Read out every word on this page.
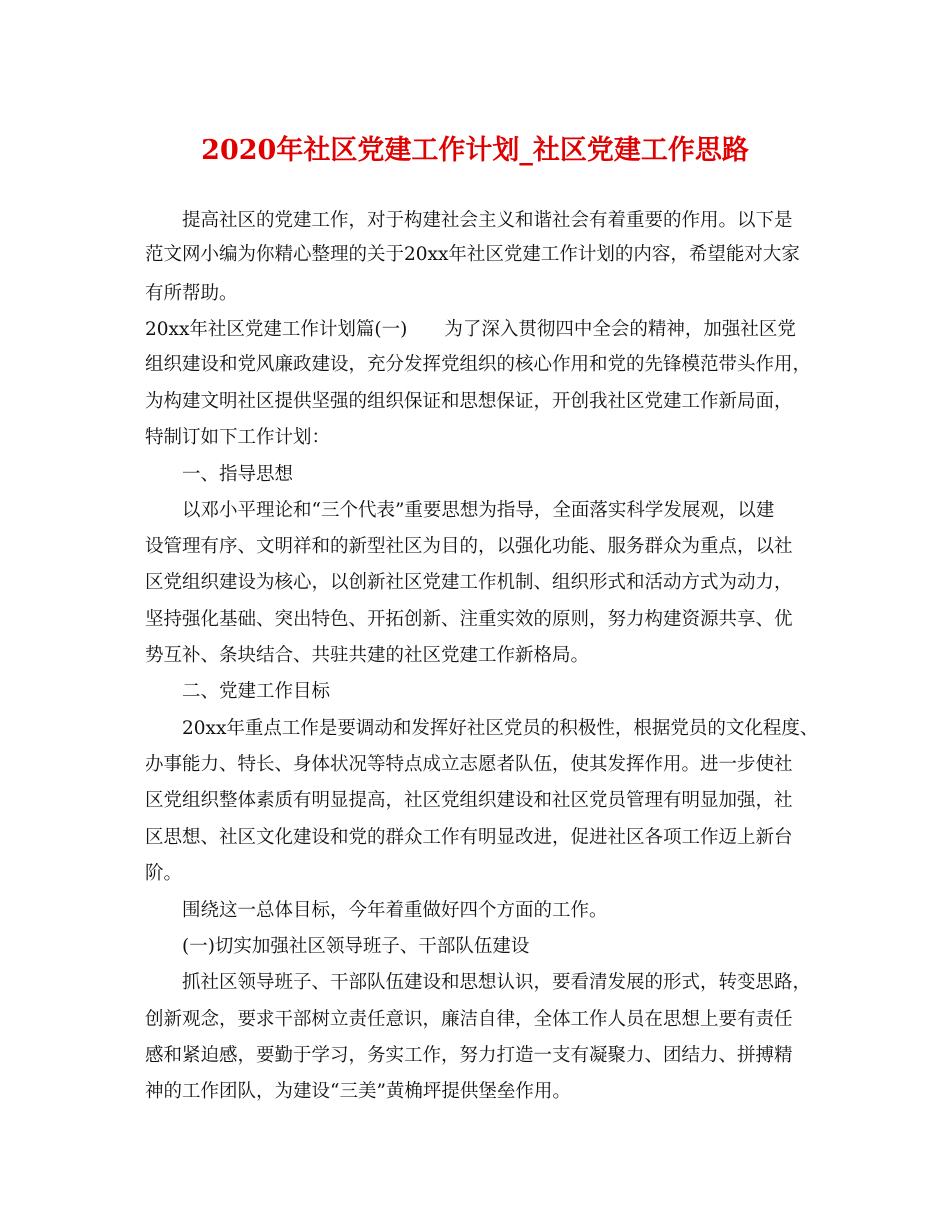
2020年社区党建工作计划_社区党建工作思路
提高社区的党建工作，对于构建社会主义和谐社会有着重要的作用。以下是
范文网小编为你精心整理的关于20xx年社区党建工作计划的内容，希望能对大家
有所帮助。
20xx年社区党建工作计划篇(一)　　为了深入贯彻四中全会的精神，加强社区党
组织建设和党风廉政建设，充分发挥党组织的核心作用和党的先锋模范带头作用，
为构建文明社区提供坚强的组织保证和思想保证，开创我社区党建工作新局面，
特制订如下工作计划：
一、指导思想
以邓小平理论和“三个代表”重要思想为指导，全面落实科学发展观，以建
设管理有序、文明祥和的新型社区为目的，以强化功能、服务群众为重点，以社
区党组织建设为核心，以创新社区党建工作机制、组织形式和活动方式为动力，
坚持强化基础、突出特色、开拓创新、注重实效的原则，努力构建资源共享、优
势互补、条块结合、共驻共建的社区党建工作新格局。
二、党建工作目标
20xx年重点工作是要调动和发挥好社区党员的积极性，根据党员的文化程度、
办事能力、特长、身体状况等特点成立志愿者队伍，使其发挥作用。进一步使社
区党组织整体素质有明显提高，社区党组织建设和社区党员管理有明显加强，社
区思想、社区文化建设和党的群众工作有明显改进，促进社区各项工作迈上新台
阶。
围绕这一总体目标，今年着重做好四个方面的工作。
(一)切实加强社区领导班子、干部队伍建设
抓社区领导班子、干部队伍建设和思想认识，要看清发展的形式，转变思路，
创新观念，要求干部树立责任意识，廉洁自律，全体工作人员在思想上要有责任
感和紧迫感，要勤于学习，务实工作，努力打造一支有凝聚力、团结力、拼搏精
神的工作团队，为建设“三美”黄桷坪提供堡垒作用。
